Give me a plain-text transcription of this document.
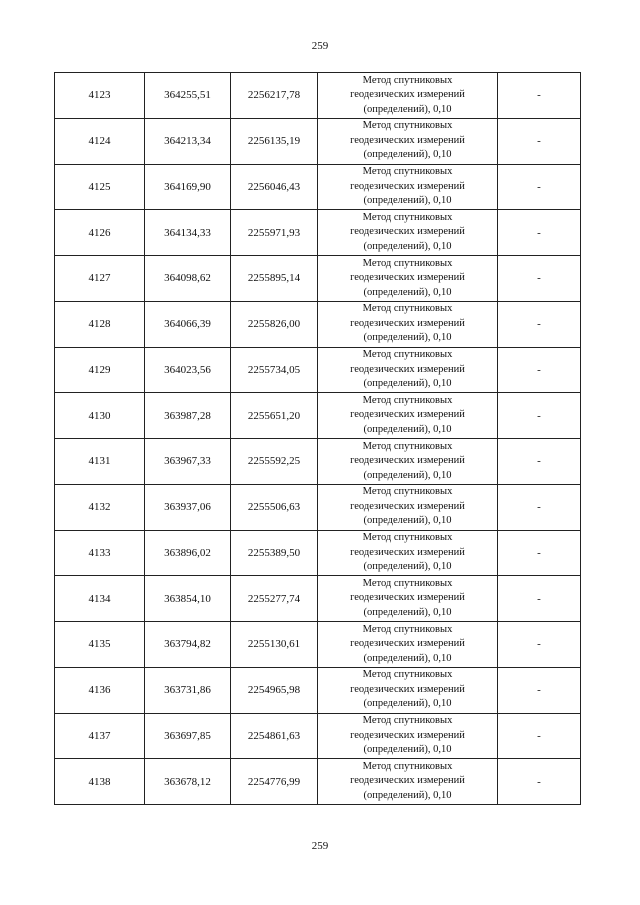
259
4123	364255,51	2256217,78	Метод спутниковых
геодезических измерений
(определений), 0,10	-
4124	364213,34	2256135,19	Метод спутниковых
геодезических измерений
(определений), 0,10	-
4125	364169,90	2256046,43	Метод спутниковых
геодезических измерений
(определений), 0,10	-
4126	364134,33	2255971,93	Метод спутниковых
геодезических измерений
(определений), 0,10	-
4127	364098,62	2255895,14	Метод спутниковых
геодезических измерений
(определений), 0,10	-
4128	364066,39	2255826,00	Метод спутниковых
геодезических измерений
(определений), 0,10	-
4129	364023,56	2255734,05	Метод спутниковых
геодезических измерений
(определений), 0,10	-
4130	363987,28	2255651,20	Метод спутниковых
геодезических измерений
(определений), 0,10	-
4131	363967,33	2255592,25	Метод спутниковых
геодезических измерений
(определений), 0,10	-
4132	363937,06	2255506,63	Метод спутниковых
геодезических измерений
(определений), 0,10	-
4133	363896,02	2255389,50	Метод спутниковых
геодезических измерений
(определений), 0,10	-
4134	363854,10	2255277,74	Метод спутниковых
геодезических измерений
(определений), 0,10	-
4135	363794,82	2255130,61	Метод спутниковых
геодезических измерений
(определений), 0,10	-
4136	363731,86	2254965,98	Метод спутниковых
геодезических измерений
(определений), 0,10	-
4137	363697,85	2254861,63	Метод спутниковых
геодезических измерений
(определений), 0,10	-
4138	363678,12	2254776,99	Метод спутниковых
геодезических измерений
(определений), 0,10	-
259
